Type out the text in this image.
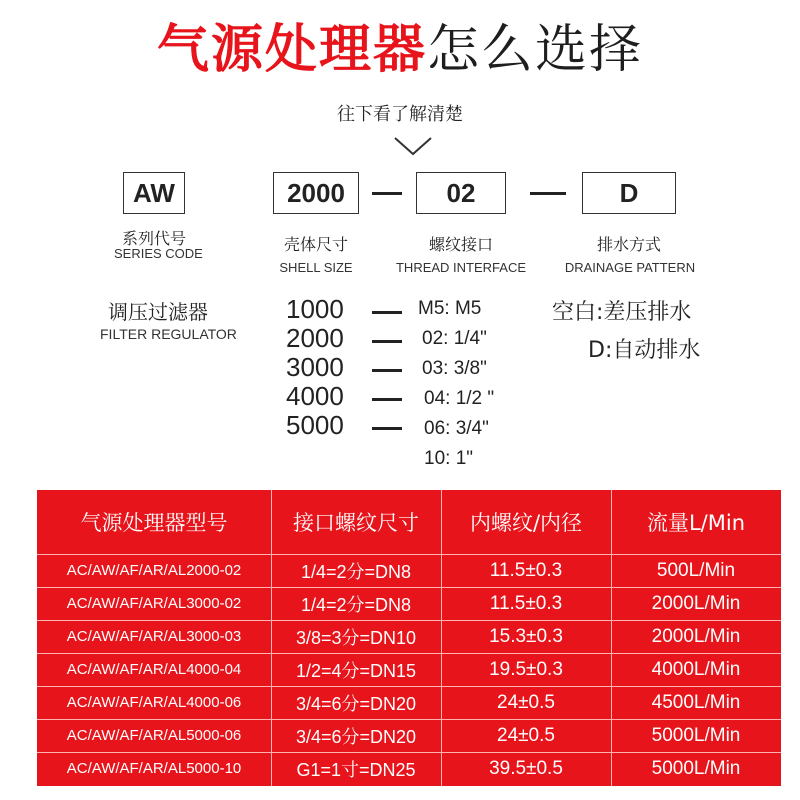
气源处理器怎么选择
往下看了解清楚
AW	2000	02	D
系列代号
SERIES CODE	壳体尺寸
SHELL SIZE
螺纹接口
THREAD INTERFACE
排水方式
DRAINAGE PATTERN
调压过滤器
FILTER REGULATOR
1000
2000
3000
4000
5000
M5: M5
02: 1/4"
03: 3/8"
04: 1/2 "
06: 3/4"
10: 1"
空白:差压排水
D:自动排水
气源处理器型号	接口螺纹尺寸	内螺纹/内径	流量L/Min
AC/AW/AF/AR/AL2000-02	1/4=2分=DN8	11.5±0.3	500L/Min
AC/AW/AF/AR/AL3000-02	1/4=2分=DN8	11.5±0.3	2000L/Min
AC/AW/AF/AR/AL3000-03	3/8=3分=DN10	15.3±0.3	2000L/Min
AC/AW/AF/AR/AL4000-04	1/2=4分=DN15	19.5±0.3	4000L/Min
AC/AW/AF/AR/AL4000-06	3/4=6分=DN20	24±0.5	4500L/Min
AC/AW/AF/AR/AL5000-06	3/4=6分=DN20	24±0.5	5000L/Min
AC/AW/AF/AR/AL5000-10	G1=1寸=DN25	39.5±0.5	5000L/Min
